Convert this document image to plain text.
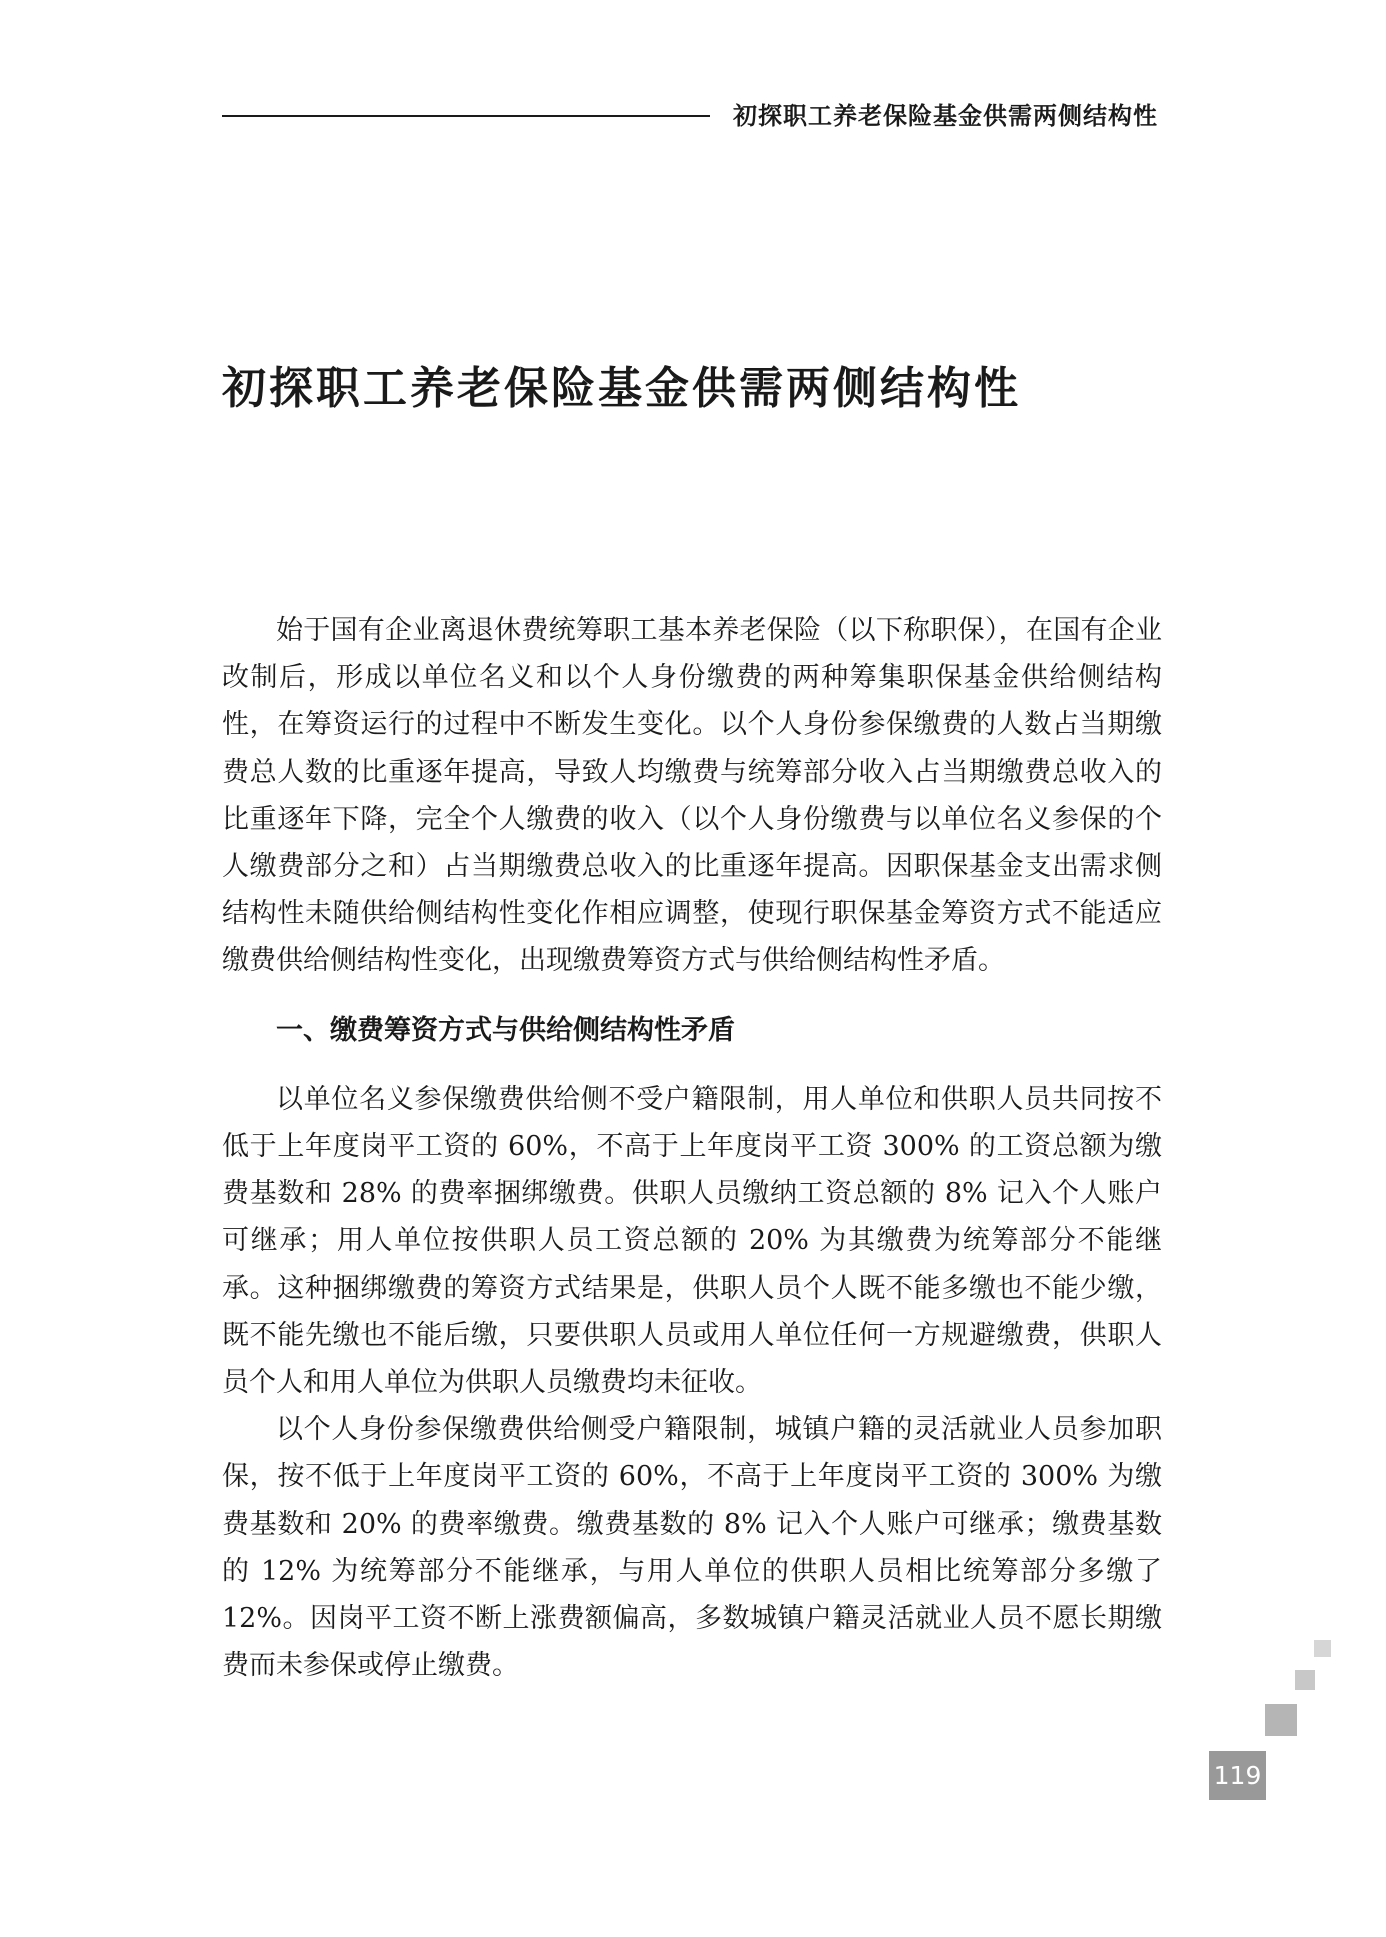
初探职工养老保险基金供需两侧结构性
初探职工养老保险基金供需两侧结构性

始于国有企业离退休费统筹职工基本养老保险（以下称职保），在国有企业改制后，形成以单位名义和以个人身份缴费的两种筹集职保基金供给侧结构性，在筹资运行的过程中不断发生变化。以个人身份参保缴费的人数占当期缴费总人数的比重逐年提高，导致人均缴费与统筹部分收入占当期缴费总收入的比重逐年下降，完全个人缴费的收入（以个人身份缴费与以单位名义参保的个人缴费部分之和）占当期缴费总收入的比重逐年提高。因职保基金支出需求侧结构性未随供给侧结构性变化作相应调整，使现行职保基金筹资方式不能适应缴费供给侧结构性变化，出现缴费筹资方式与供给侧结构性矛盾。

一、缴费筹资方式与供给侧结构性矛盾

以单位名义参保缴费供给侧不受户籍限制，用人单位和供职人员共同按不低于上年度岗平工资的 60%，不高于上年度岗平工资 300% 的工资总额为缴费基数和 28% 的费率捆绑缴费。供职人员缴纳工资总额的 8% 记入个人账户可继承；用人单位按供职人员工资总额的 20% 为其缴费为统筹部分不能继承。这种捆绑缴费的筹资方式结果是，供职人员个人既不能多缴也不能少缴，既不能先缴也不能后缴，只要供职人员或用人单位任何一方规避缴费，供职人员个人和用人单位为供职人员缴费均未征收。

以个人身份参保缴费供给侧受户籍限制，城镇户籍的灵活就业人员参加职保，按不低于上年度岗平工资的 60%，不高于上年度岗平工资的 300% 为缴费基数和 20% 的费率缴费。缴费基数的 8% 记入个人账户可继承；缴费基数的 12% 为统筹部分不能继承，与用人单位的供职人员相比统筹部分多缴了 12%。因岗平工资不断上涨费额偏高，多数城镇户籍灵活就业人员不愿长期缴费而未参保或停止缴费。

119
